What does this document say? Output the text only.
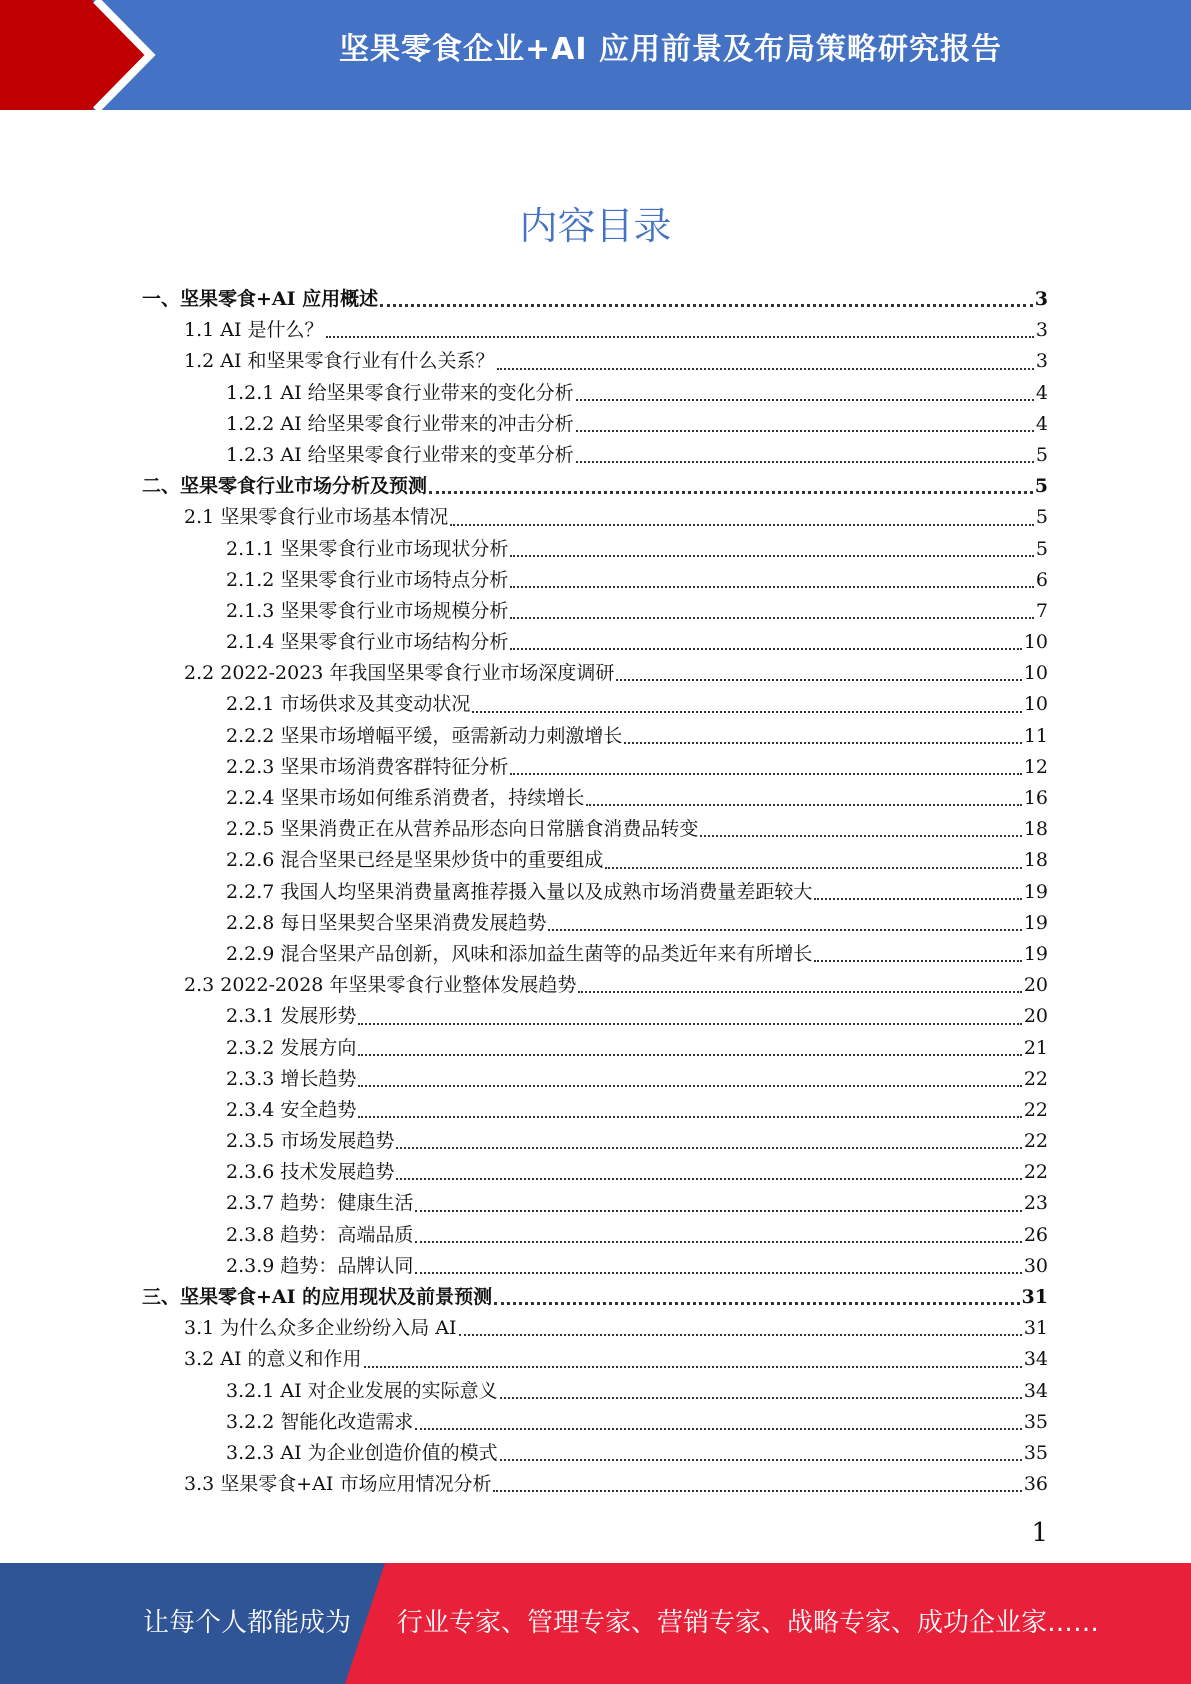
坚果零食企业+AI 应用前景及布局策略研究报告
内容目录
一、坚果零食+AI 应用概述	3
1.1 AI 是什么？	3
1.2 AI 和坚果零食行业有什么关系？	3
1.2.1 AI 给坚果零食行业带来的变化分析	4
1.2.2 AI 给坚果零食行业带来的冲击分析	4
1.2.3 AI 给坚果零食行业带来的变革分析	5
二、坚果零食行业市场分析及预测	5
2.1 坚果零食行业市场基本情况	5
2.1.1 坚果零食行业市场现状分析	5
2.1.2 坚果零食行业市场特点分析	6
2.1.3 坚果零食行业市场规模分析	7
2.1.4 坚果零食行业市场结构分析	10
2.2 2022-2023 年我国坚果零食行业市场深度调研	10
2.2.1 市场供求及其变动状况	10
2.2.2 坚果市场增幅平缓，亟需新动力刺激增长	11
2.2.3 坚果市场消费客群特征分析	12
2.2.4 坚果市场如何维系消费者，持续增长	16
2.2.5 坚果消费正在从营养品形态向日常膳食消费品转变	18
2.2.6 混合坚果已经是坚果炒货中的重要组成	18
2.2.7 我国人均坚果消费量离推荐摄入量以及成熟市场消费量差距较大	19
2.2.8 每日坚果契合坚果消费发展趋势	19
2.2.9 混合坚果产品创新，风味和添加益生菌等的品类近年来有所增长	19
2.3 2022-2028 年坚果零食行业整体发展趋势	20
2.3.1 发展形势	20
2.3.2 发展方向	21
2.3.3 增长趋势	22
2.3.4 安全趋势	22
2.3.5 市场发展趋势	22
2.3.6 技术发展趋势	22
2.3.7 趋势：健康生活	23
2.3.8 趋势：高端品质	26
2.3.9 趋势：品牌认同	30
三、坚果零食+AI 的应用现状及前景预测	31
3.1 为什么众多企业纷纷入局 AI	31
3.2 AI 的意义和作用	34
3.2.1 AI 对企业发展的实际意义	34
3.2.2 智能化改造需求	35
3.2.3 AI 为企业创造价值的模式	35
3.3 坚果零食+AI 市场应用情况分析	36
1
让每个人都能成为 行业专家、管理专家、营销专家、战略专家、成功企业家……
